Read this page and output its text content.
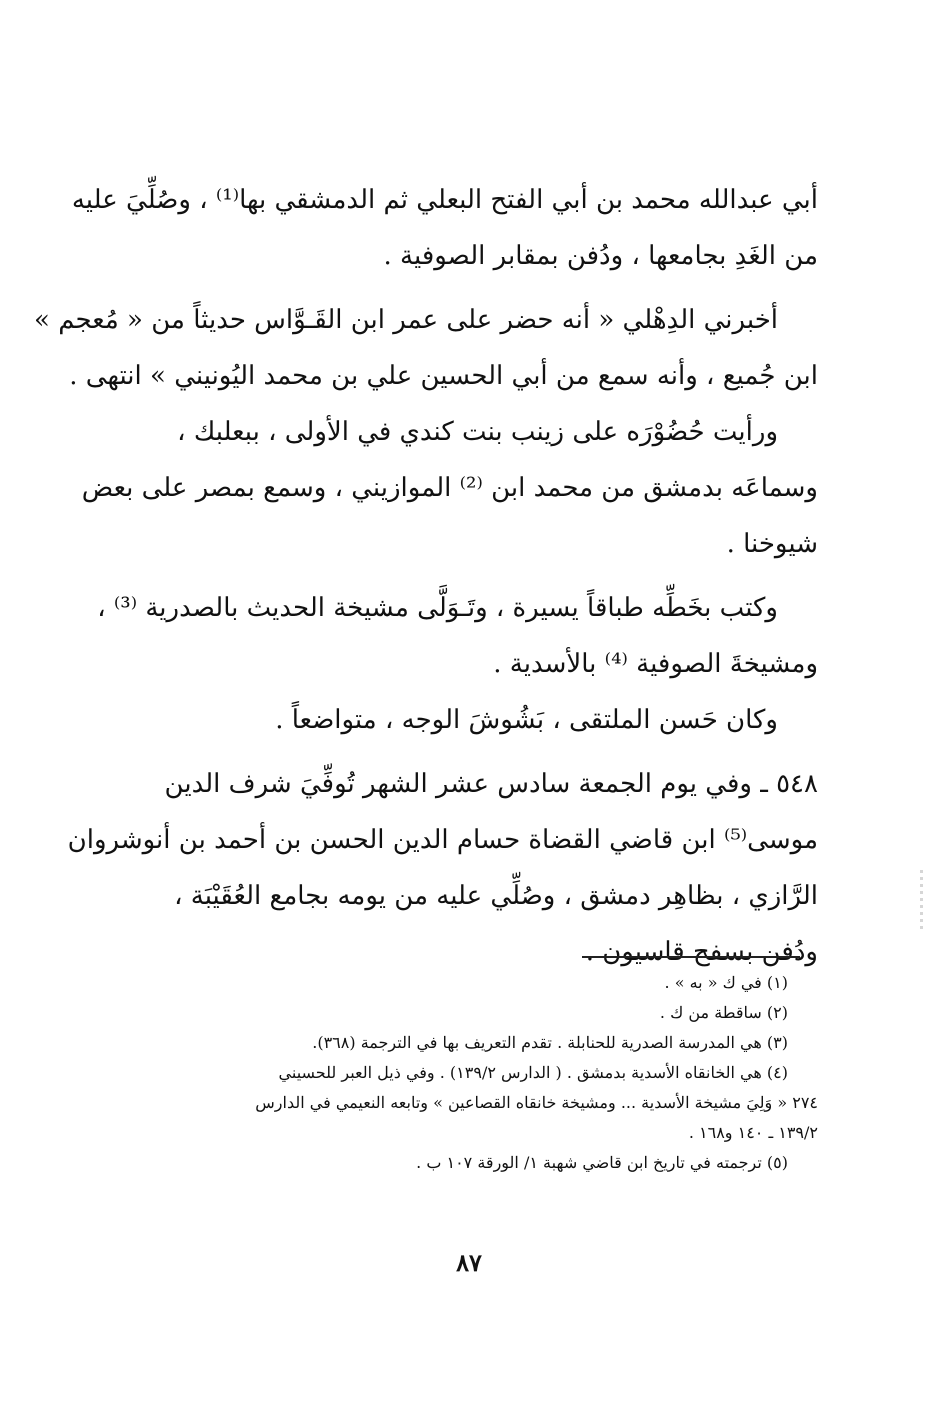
أبي عبدالله محمد بن أبي الفتح البعلي ثم الدمشقي بها⁽¹⁾ ، وصُلِّيَ عليه
من الغَدِ بجامعها ، ودُفن بمقابر الصوفية .
أخبرني الدِهْلي « أنه حضر على عمر ابن القَـوَّاس حديثاً من « مُعجم »
ابن جُميع ، وأنه سمع من أبي الحسين علي بن محمد اليُونيني » انتهى .
ورأيت حُضُوْرَه على زينب بنت كندي في الأولى ، ببعلبك ،
وسماعَه بدمشق من محمد ابن ⁽²⁾ الموازيني ، وسمع بمصر على بعض
شيوخنا .
وكتب بخَطِّه طباقاً يسيرة ، وتَـوَلَّى مشيخة الحديث بالصدرية ⁽³⁾ ،
ومشيخةَ الصوفية ⁽⁴⁾ بالأسدية .
وكان حَسن الملتقى ، بَشُوشَ الوجه ، متواضعاً .
٥٤٨ ـ وفي يوم الجمعة سادس عشر الشهر تُوفِّيَ شرف الدين
موسى⁽⁵⁾ ابن قاضي القضاة حسام الدين الحسن بن أحمد بن أنوشروان
الرَّازي ، بظاهِر دمشق ، وصُلِّي عليه من يومه بجامع العُقَيْبَة ،
ودُفن بسفح قاسيون .
(١) في ك « به » .
(٢) ساقطة من ك .
(٣) هي المدرسة الصدرية للحنابلة . تقدم التعريف بها في الترجمة (٣٦٨).
(٤) هي الخانقاه الأسدية بدمشق . ( الدارس ١٣٩/٢) . وفي ذيل العبر للحسيني
٢٧٤ « وَلِيَ مشيخة الأسدية ... ومشيخة خانقاه القصاعين » وتابعه النعيمي في الدارس
١٣٩/٢ ـ ١٤٠ و١٦٨ .
(٥) ترجمته في تاريخ ابن قاضي شهبة ١/ الورقة ١٠٧ ب .
٨٧
